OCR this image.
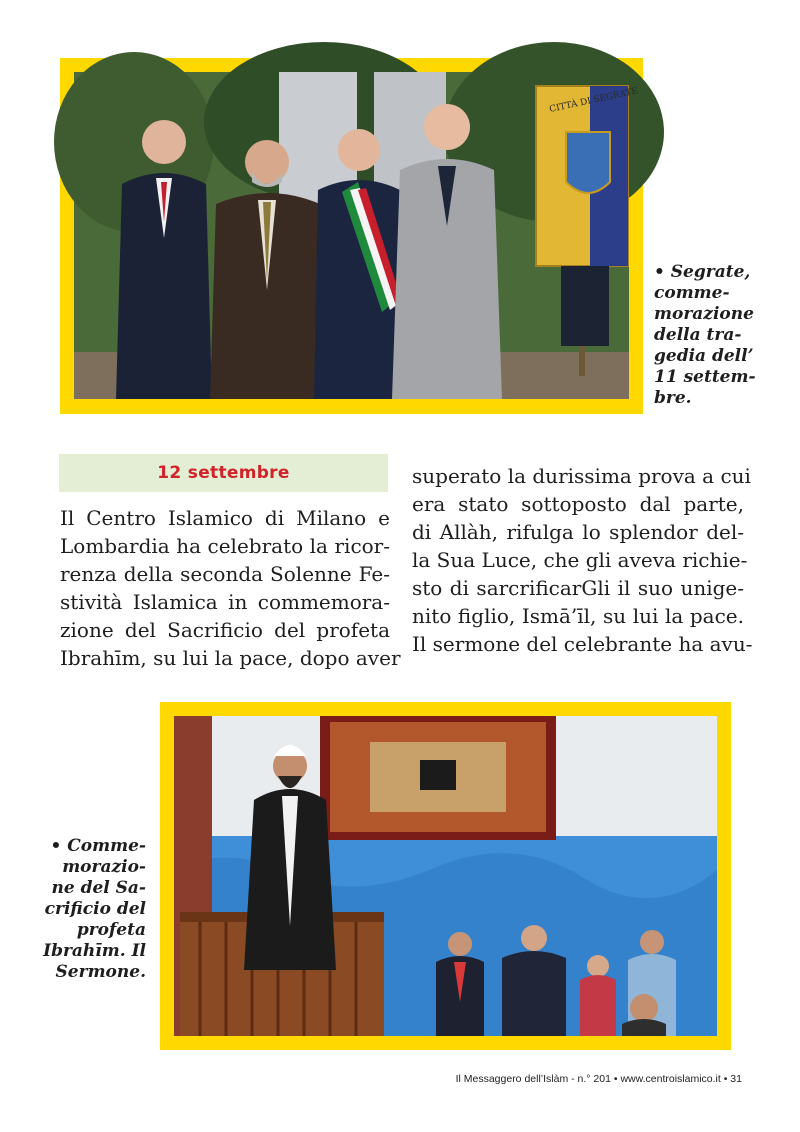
CITTÀ DI SEGRATE
• Segrate,
comme-
morazione
della tra-
gedia dell’
11 settem-
bre.
12 settembre
Il Centro Islamico di Milano e
Lombardia ha celebrato la ricor-
renza della seconda Solenne Fe-
stività Islamica in commemora-
zione del Sacrificio del profeta
Ibrahīm, su lui la pace, dopo aver
superato la durissima prova a cui
era stato sottoposto dal parte,
di Allàh, rifulga lo splendor del-
la Sua Luce, che gli aveva richie-
sto di sarcrificarGli il suo unige-
nito figlio, Ismā’īl, su lui la pace.
Il sermone del celebrante ha avu-
• Comme-
morazio-
ne del Sa-
crificio del
profeta
Ibrahīm. Il
Sermone.
Il Messaggero dell’Islàm - n.° 201 • www.centroislamico.it • 31
